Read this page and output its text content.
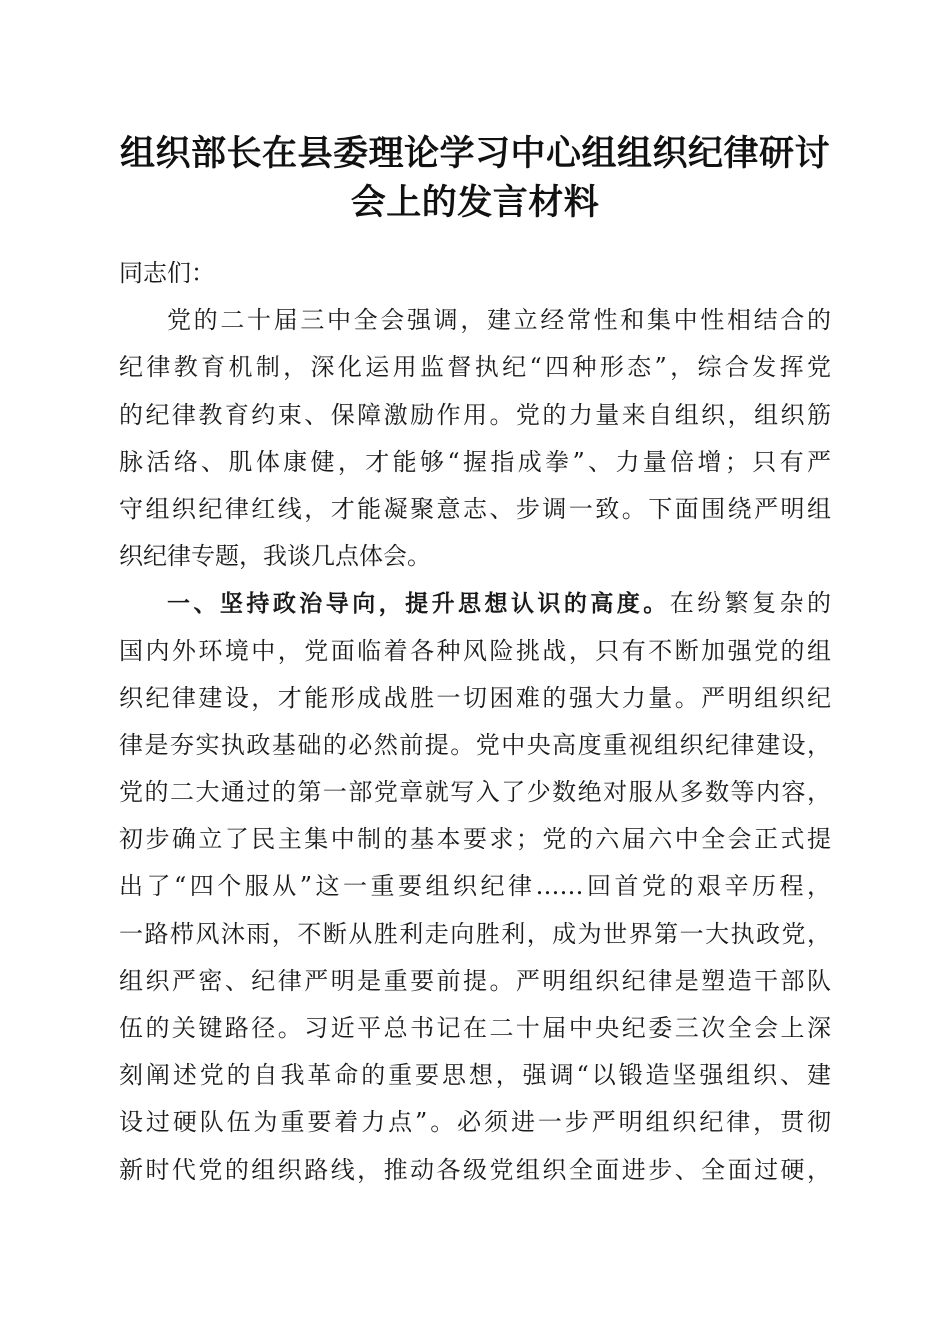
组织部长在县委理论学习中心组组织纪律研讨
会上的发言材料
同志们：
党的二十届三中全会强调，建立经常性和集中性相结合的
纪律教育机制，深化运用监督执纪“四种形态”，综合发挥党
的纪律教育约束、保障激励作用。党的力量来自组织，组织筋
脉活络、肌体康健，才能够“握指成拳”、力量倍增；只有严
守组织纪律红线，才能凝聚意志、步调一致。下面围绕严明组
织纪律专题，我谈几点体会。
一、坚持政治导向，提升思想认识的高度。在纷繁复杂的
国内外环境中，党面临着各种风险挑战，只有不断加强党的组
织纪律建设，才能形成战胜一切困难的强大力量。严明组织纪
律是夯实执政基础的必然前提。党中央高度重视组织纪律建设，
党的二大通过的第一部党章就写入了少数绝对服从多数等内容，
初步确立了民主集中制的基本要求；党的六届六中全会正式提
出了“四个服从”这一重要组织纪律……回首党的艰辛历程，
一路栉风沐雨，不断从胜利走向胜利，成为世界第一大执政党，
组织严密、纪律严明是重要前提。严明组织纪律是塑造干部队
伍的关键路径。习近平总书记在二十届中央纪委三次全会上深
刻阐述党的自我革命的重要思想，强调“以锻造坚强组织、建
设过硬队伍为重要着力点”。必须进一步严明组织纪律，贯彻
新时代党的组织路线，推动各级党组织全面进步、全面过硬，
